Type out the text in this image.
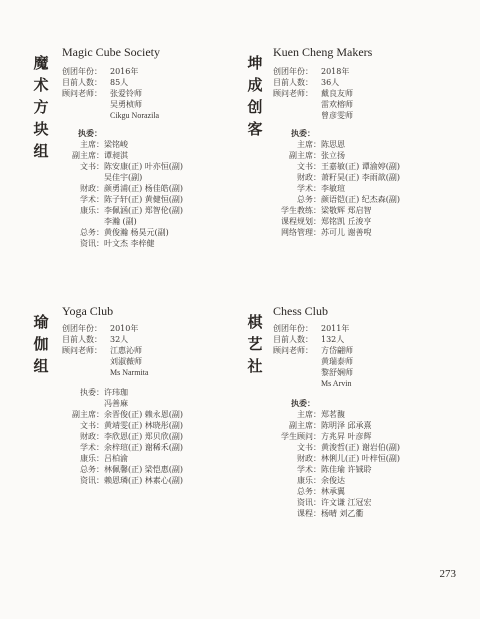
魔
术
方
块
组
Magic Cube Society
创团年份：	2016年
目前人数：	85人
顾问老师：	张爱铃师
吴勇桢师
Cikgu Norazila
执委：
主席： 梁铭峻
副主席： 谭昶淇
文书： 陈安康(正) 叶亦恒(副)
吴佳宇(副)
财政： 颜勇浦(正) 杨佳皓(副)
学术： 陈子轩(正) 黄健恒(副)
康乐： 李佩涵(正) 郑智伦(副)
李瀚 (副)
总务： 黄俊瀚 杨昊元(副)
资讯： 叶文杰 李梓健
坤
成
创
客
Kuen Cheng Makers
创团年份：	2018年
目前人数：	36人
顾问老师：	戴良友师
雷欢榕师
曾彦雯师
执委：
主席： 陈思恩
副主席： 张立扬
文书： 王嘉敏(正) 谭渝婷(副)
财政： 萧籽昊(正) 李雨歆(副)
学术： 李敏瑄
总务： 颜语铠(正) 纪杰森(副)
学生教练： 梁敬辉 郑启智
课程规划： 郑铭凯 丘浚亨
网络管理： 苏可儿 谢善唲
瑜
伽
组
Yoga Club
创团年份：	2010年
目前人数：	32人
顾问老师：	江惠沁师
刘淑薇师
Ms Narmita
执委： 许玮珈
冯善麻
副主席： 余晋俊(正) 赖永恩(副)
文书： 黄靖雯(正) 林晓彤(副)
财政： 李欣恩(正) 郑贝欣(副)
学术： 余梓瑄(正) 谢稀禾(副)
康乐： 吕柏渝
总务： 林佩馨(正) 梁恺惠(副)
资讯： 赖恩璘(正) 林素心(副)
棋
艺
社
Chess Club
创团年份：	2011年
目前人数：	132人
顾问老师：	方岱翩师
黄瑞泰师
黎舒娴师
Ms Arvin
执委：
主席： 郑茗馥
副主席： 陈明泽 邱承熹
学生顾问： 方兆昇 叶彦辉
文书： 黄浚哲(正) 谢岩伯(副)
财政： 林俐儿(正) 叶梓恒(副)
学术： 陈佳瑜 许铖聆
康乐： 余俊达
总务： 林承翼
资讯： 许文谦 江冠宏
课程： 杨晴 刘乙衢
273
